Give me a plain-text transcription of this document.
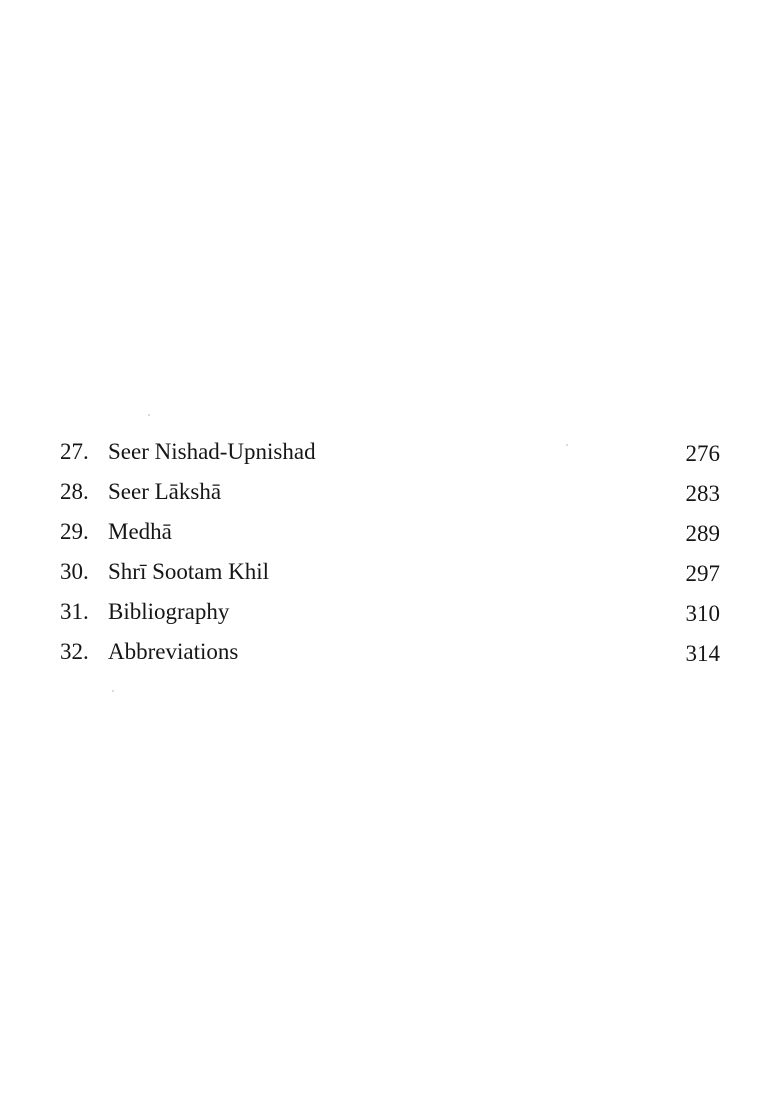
27. Seer Nishad-Upnishad	276
28. Seer Lākshā	283
29. Medhā	289
30. Shrī Sootam Khil	297
31. Bibliography	310
32. Abbreviations	314
